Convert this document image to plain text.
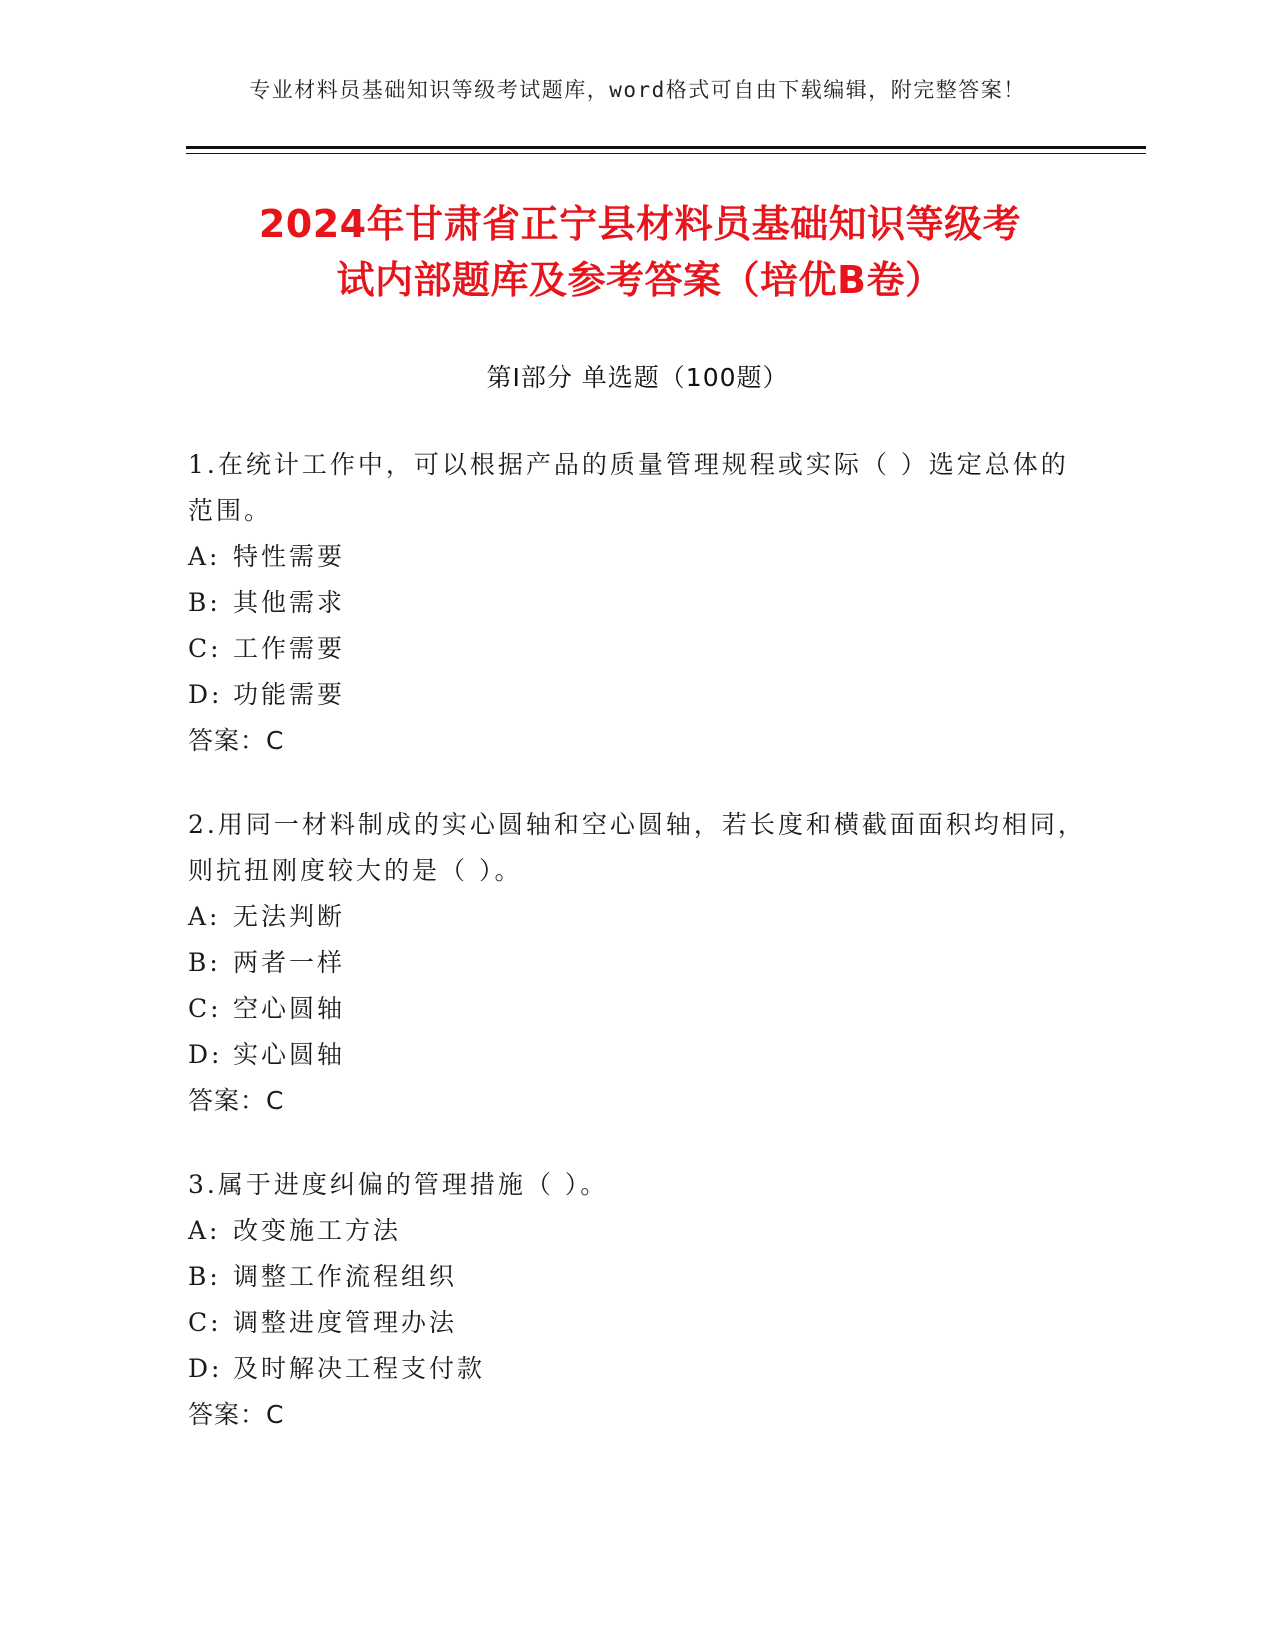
专业材料员基础知识等级考试题库，word格式可自由下载编辑，附完整答案！
2024年甘肃省正宁县材料员基础知识等级考
试内部题库及参考答案（培优B卷）
第Ⅰ部分 单选题（100题）

1.在统计工作中，可以根据产品的质量管理规程或实际（ ）选定总体的范围。

A: 特性需要

B: 其他需求

C: 工作需要

D: 功能需要

答案：C

2.用同一材料制成的实心圆轴和空心圆轴，若长度和横截面面积均相同，则抗扭刚度较大的是（ ）。

A: 无法判断

B: 两者一样

C: 空心圆轴

D: 实心圆轴

答案：C

3.属于进度纠偏的管理措施（ ）。

A: 改变施工方法

B: 调整工作流程组织

C: 调整进度管理办法

D: 及时解决工程支付款

答案：C
